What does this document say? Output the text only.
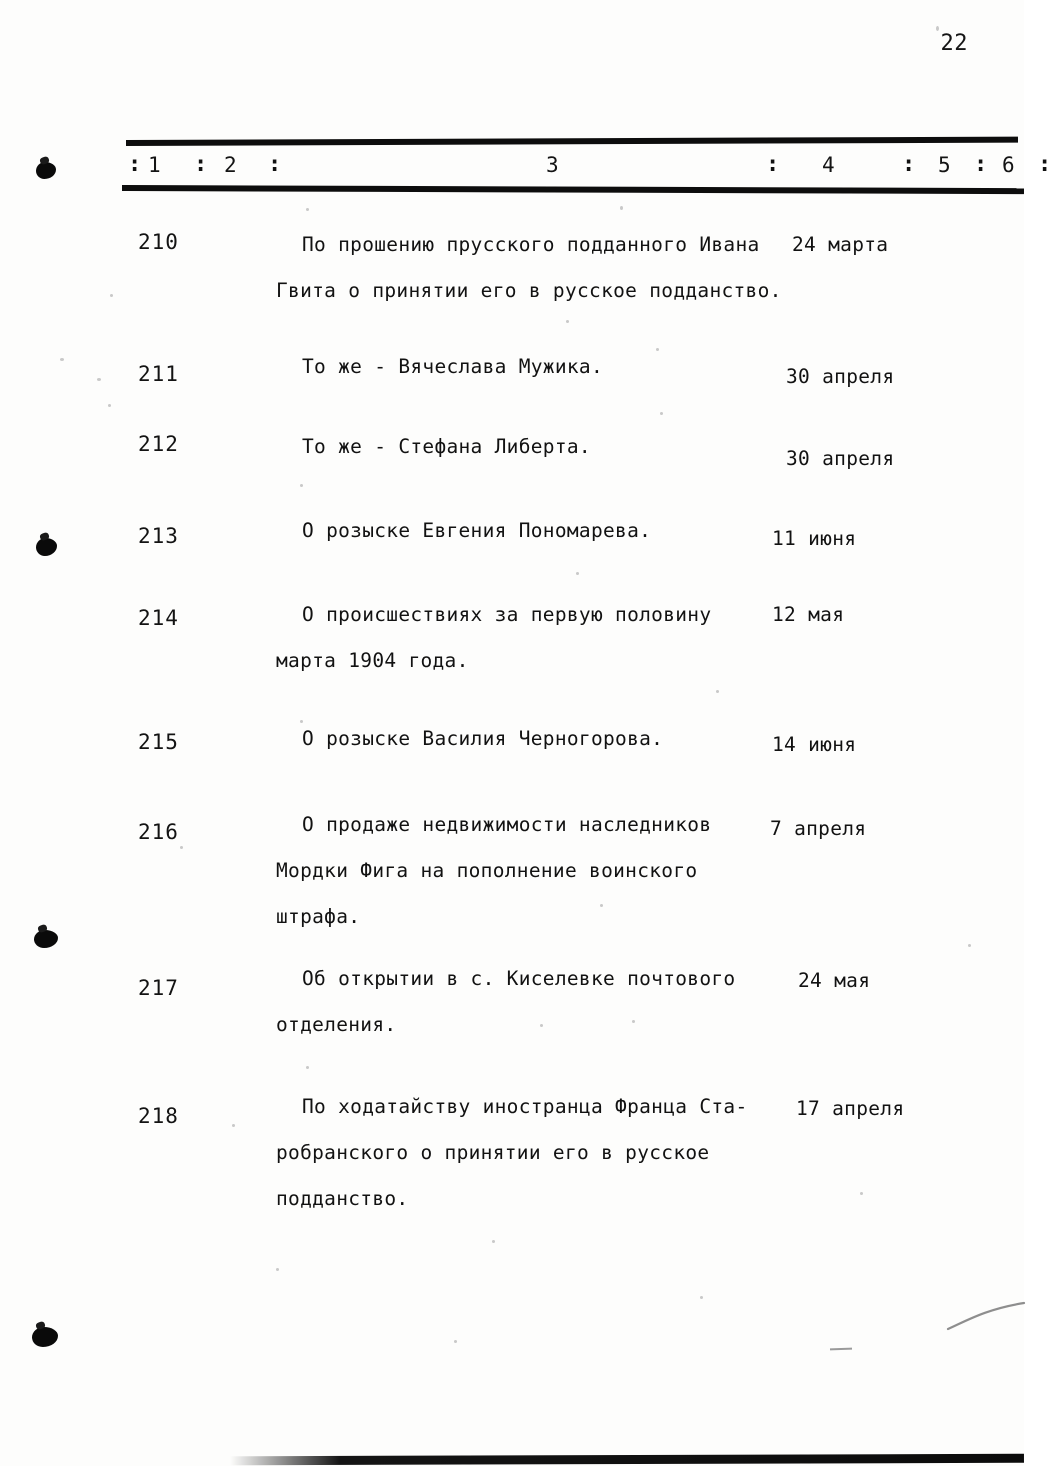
22
: 1 : 2 :	3	: 4	: 5 : 6 :
210	По прошению прусского подданного Ивана
Гвита о принятии его в русское подданство.
24 марта
211	То же - Вячеслава Мужика.	30 апреля
212	То же - Стефана Либерта.
30 апреля
213	О розыске Евгения Пономарева.	11 июня
214	О происшествиях за первую половину
марта 1904 года.
12 мая
215	О розыске Василия Черногорова.	14 июня
216	О продаже недвижимости наследников
Мордки Фига на пополнение воинского
штрафа.
7 апреля
217	Об открытии в с. Киселевке почтового
отделения.
24 мая
218	По ходатайству иностранца Франца Ста-
робранского о принятии его в русское
подданство.
17 апреля
